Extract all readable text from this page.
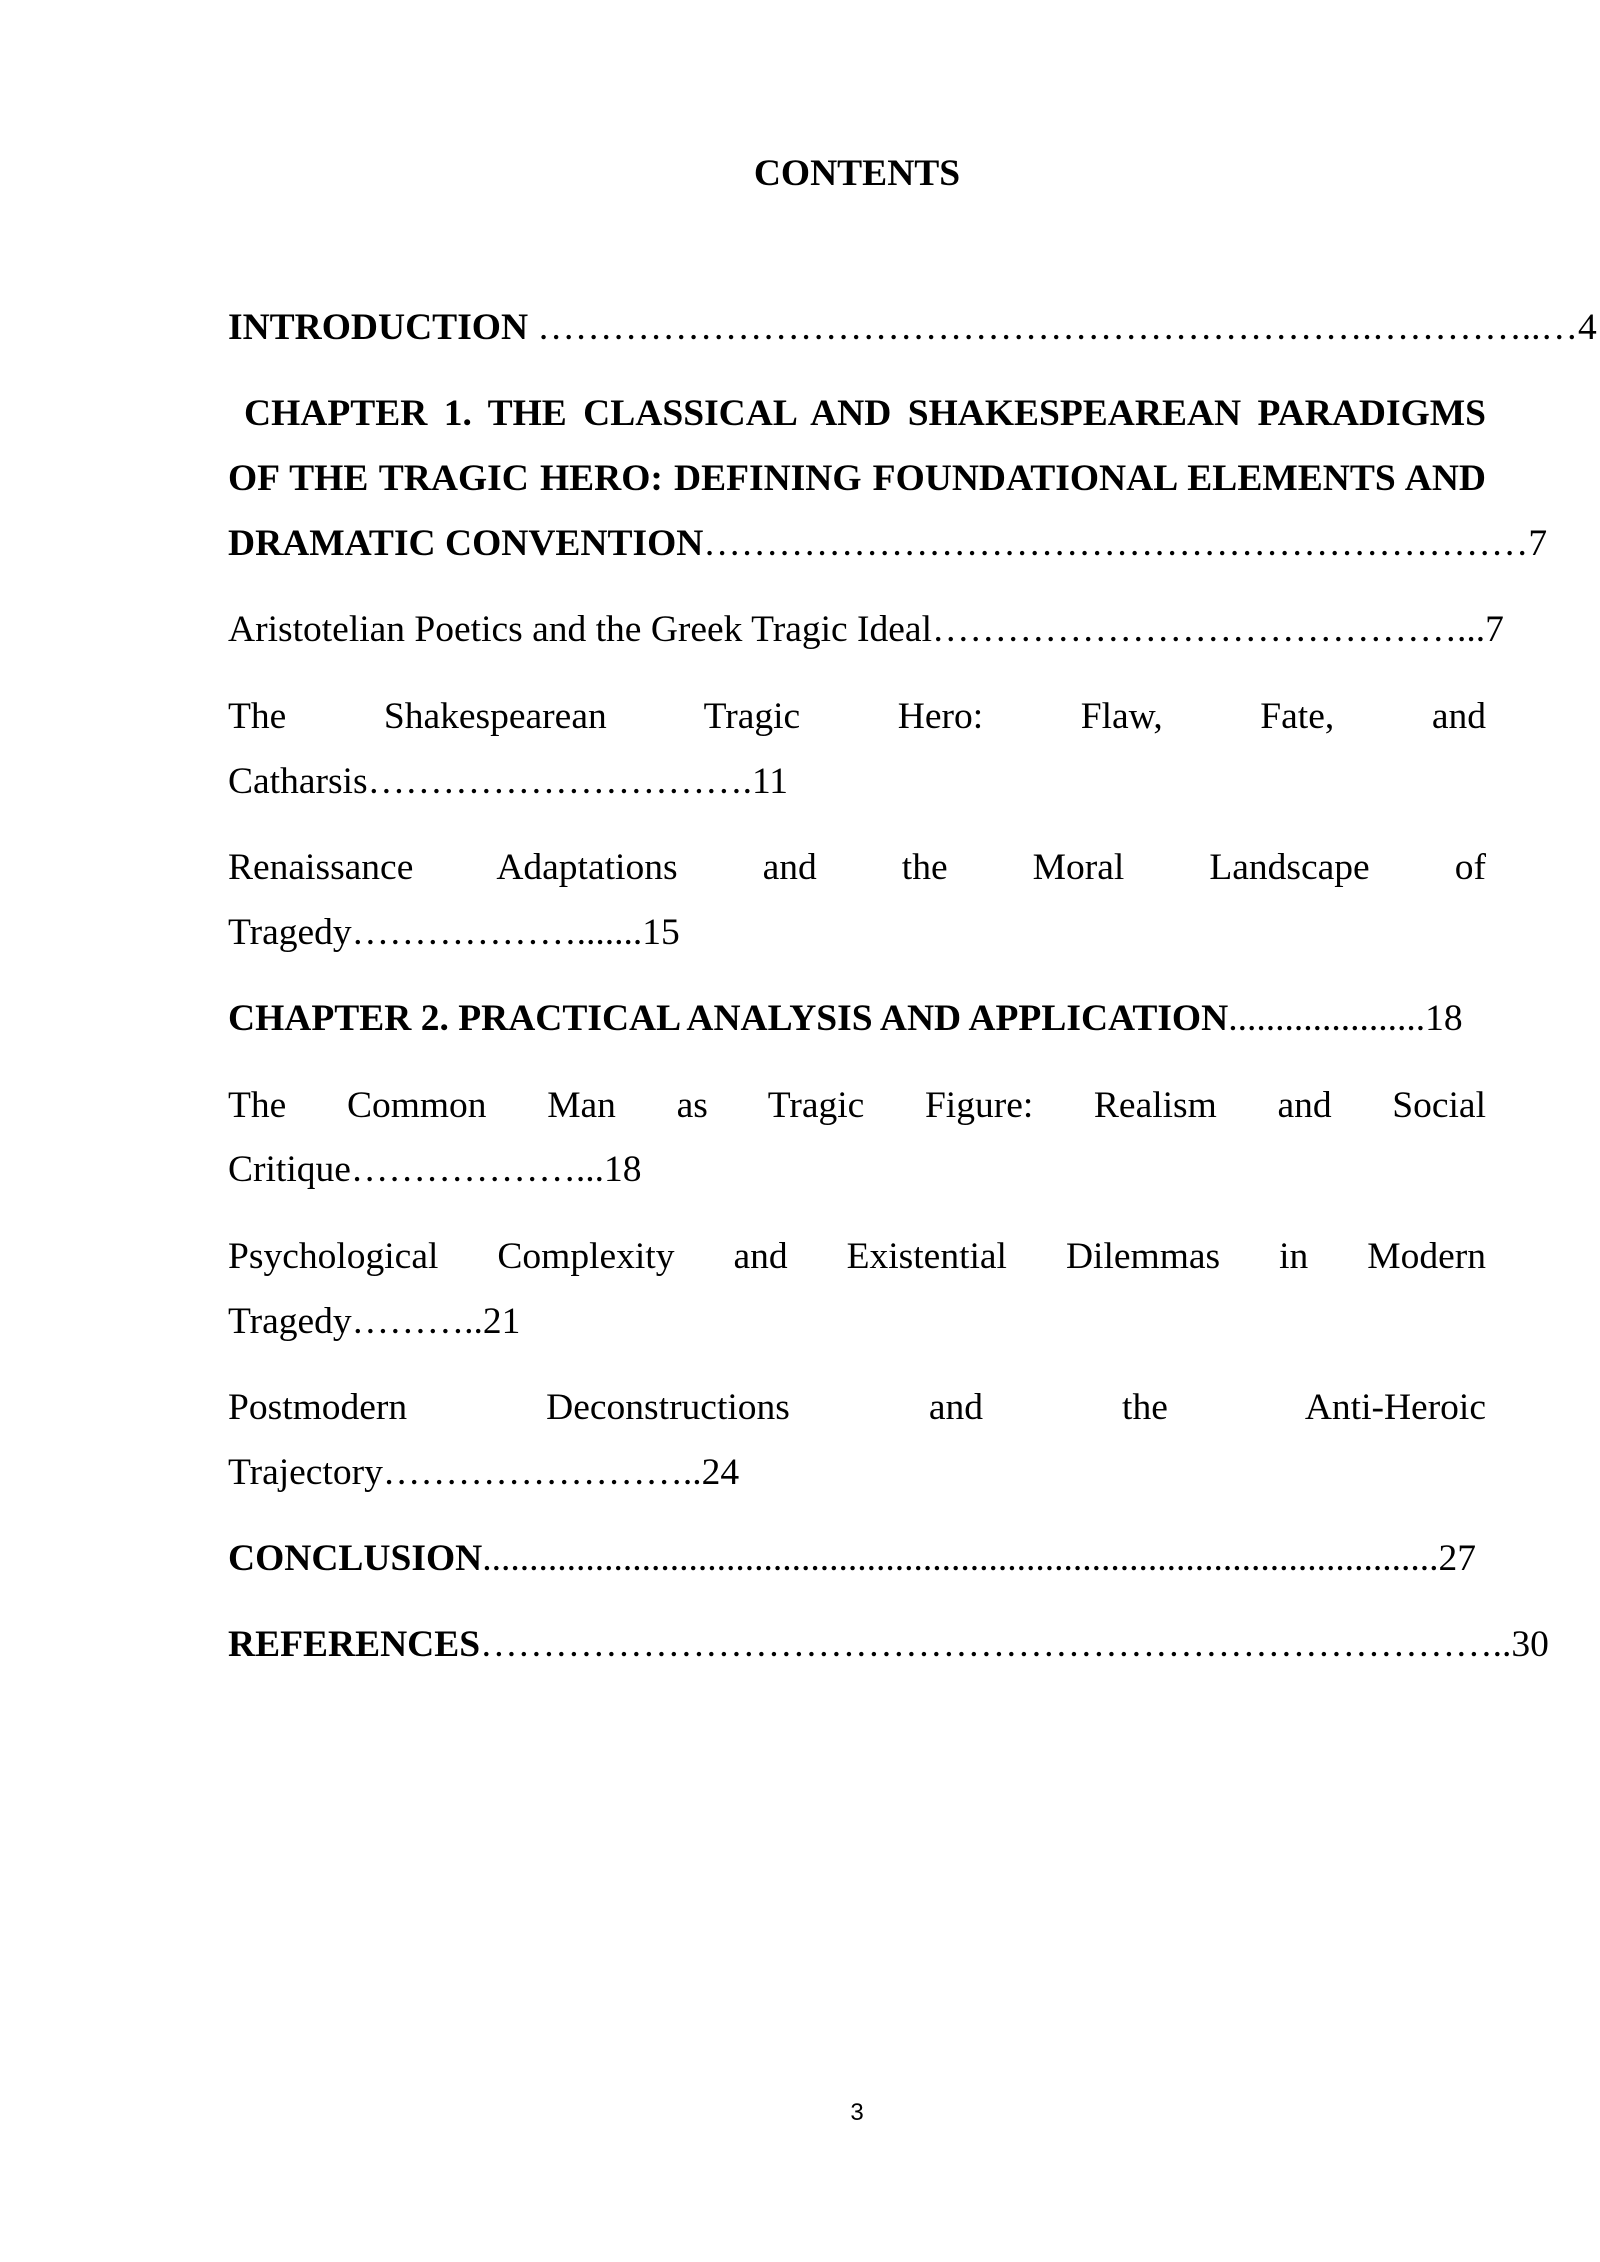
CONTENTS
INTRODUCTION ………………………………………………………….…………..…4
CHAPTER 1. THE CLASSICAL AND SHAKESPEAREAN PARADIGMS
OF THE TRAGIC HERO: DEFINING FOUNDATIONAL ELEMENTS AND
DRAMATIC CONVENTION…………………………………………………………7
Aristotelian Poetics and the Greek Tragic Ideal……………………………………...7
The Shakespearean Tragic Hero: Flaw, Fate, and
Catharsis………………………….11
Renaissance Adaptations and the Moral Landscape of
Tragedy……………….......15
CHAPTER 2. PRACTICAL ANALYSIS AND APPLICATION.....................18
The Common Man as Tragic Figure: Realism and Social
Critique………………...18
Psychological Complexity and Existential Dilemmas in Modern
Tragedy………..21
Postmodern Deconstructions and the Anti-Heroic
Trajectory……………………..24
CONCLUSION......................................................................................................27
REFERENCES………………………………………………………………………..30
3
